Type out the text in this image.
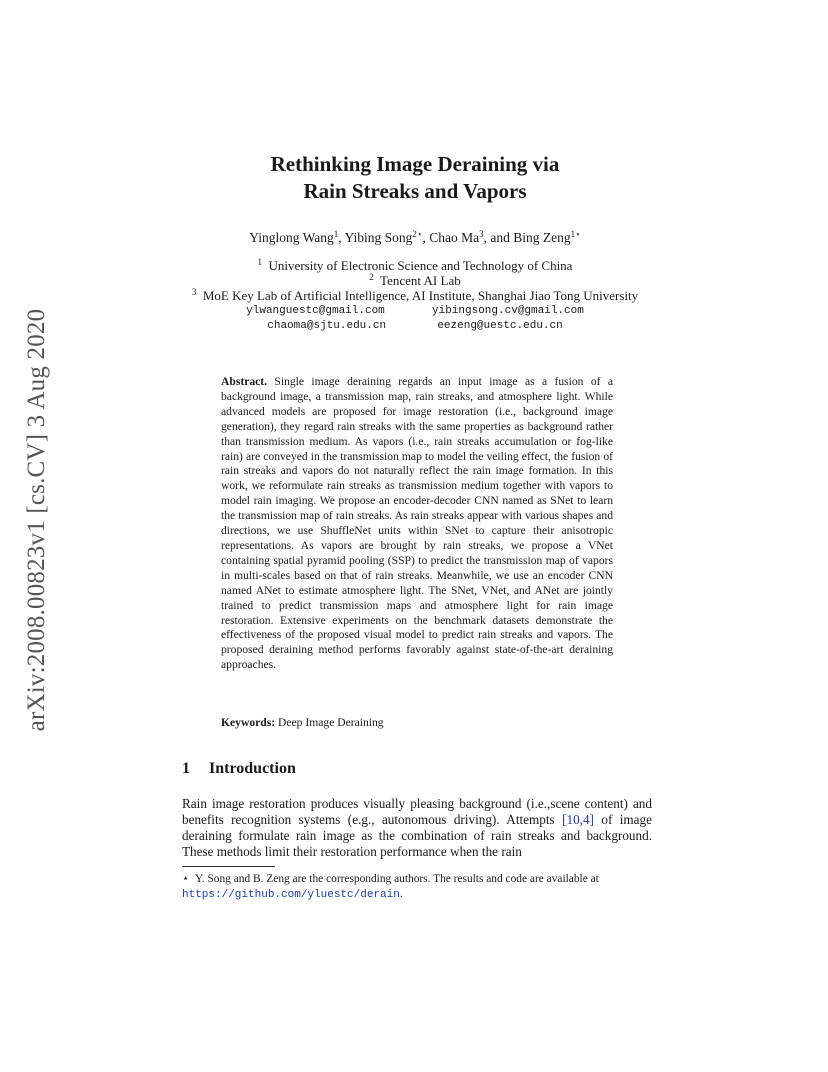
arXiv:2008.00823v1 [cs.CV] 3 Aug 2020
Rethinking Image Deraining via
Rain Streaks and Vapors
Yinglong Wang$^1$, Yibing Song$^{2⋆}$, Chao Ma$^3$, and Bing Zeng$^{1⋆}$
$^1$ University of Electronic Science and Technology of China
$^2$ Tencent AI Lab
$^3$ MoE Key Lab of Artificial Intelligence, AI Institute, Shanghai Jiao Tong University
ylwanguestc@gmail.com	yibingsong.cv@gmail.com
chaoma@sjtu.edu.cn	eezeng@uestc.edu.cn
Abstract. Single image deraining regards an input image as a fusion of a background image, a transmission map, rain streaks, and atmosphere light. While advanced models are proposed for image restoration (i.e., background image generation), they regard rain streaks with the same properties as background rather than transmission medium. As vapors (i.e., rain streaks accumulation or fog-like rain) are conveyed in the transmission map to model the veiling effect, the fusion of rain streaks and vapors do not naturally reflect the rain image formation. In this work, we reformulate rain streaks as transmission medium together with vapors to model rain imaging. We propose an encoder-decoder CNN named as SNet to learn the transmission map of rain streaks. As rain streaks appear with various shapes and directions, we use ShuffleNet units within SNet to capture their anisotropic representations. As vapors are brought by rain streaks, we propose a VNet containing spatial pyramid pooling (SSP) to predict the transmission map of vapors in multi-scales based on that of rain streaks. Meanwhile, we use an encoder CNN named ANet to estimate atmosphere light. The SNet, VNet, and ANet are jointly trained to predict transmission maps and atmosphere light for rain image restoration. Extensive experiments on the benchmark datasets demonstrate the effectiveness of the proposed visual model to predict rain streaks and vapors. The proposed deraining method performs favorably against state-of-the-art deraining approaches.
Keywords: Deep Image Deraining
1 Introduction
Rain image restoration produces visually pleasing background (i.e.,scene content) and benefits recognition systems (e.g., autonomous driving). Attempts [10,4] of image deraining formulate rain image as the combination of rain streaks and background. These methods limit their restoration performance when the rain
⋆ Y. Song and B. Zeng are the corresponding authors. The results and code are available at https://github.com/yluestc/derain.
